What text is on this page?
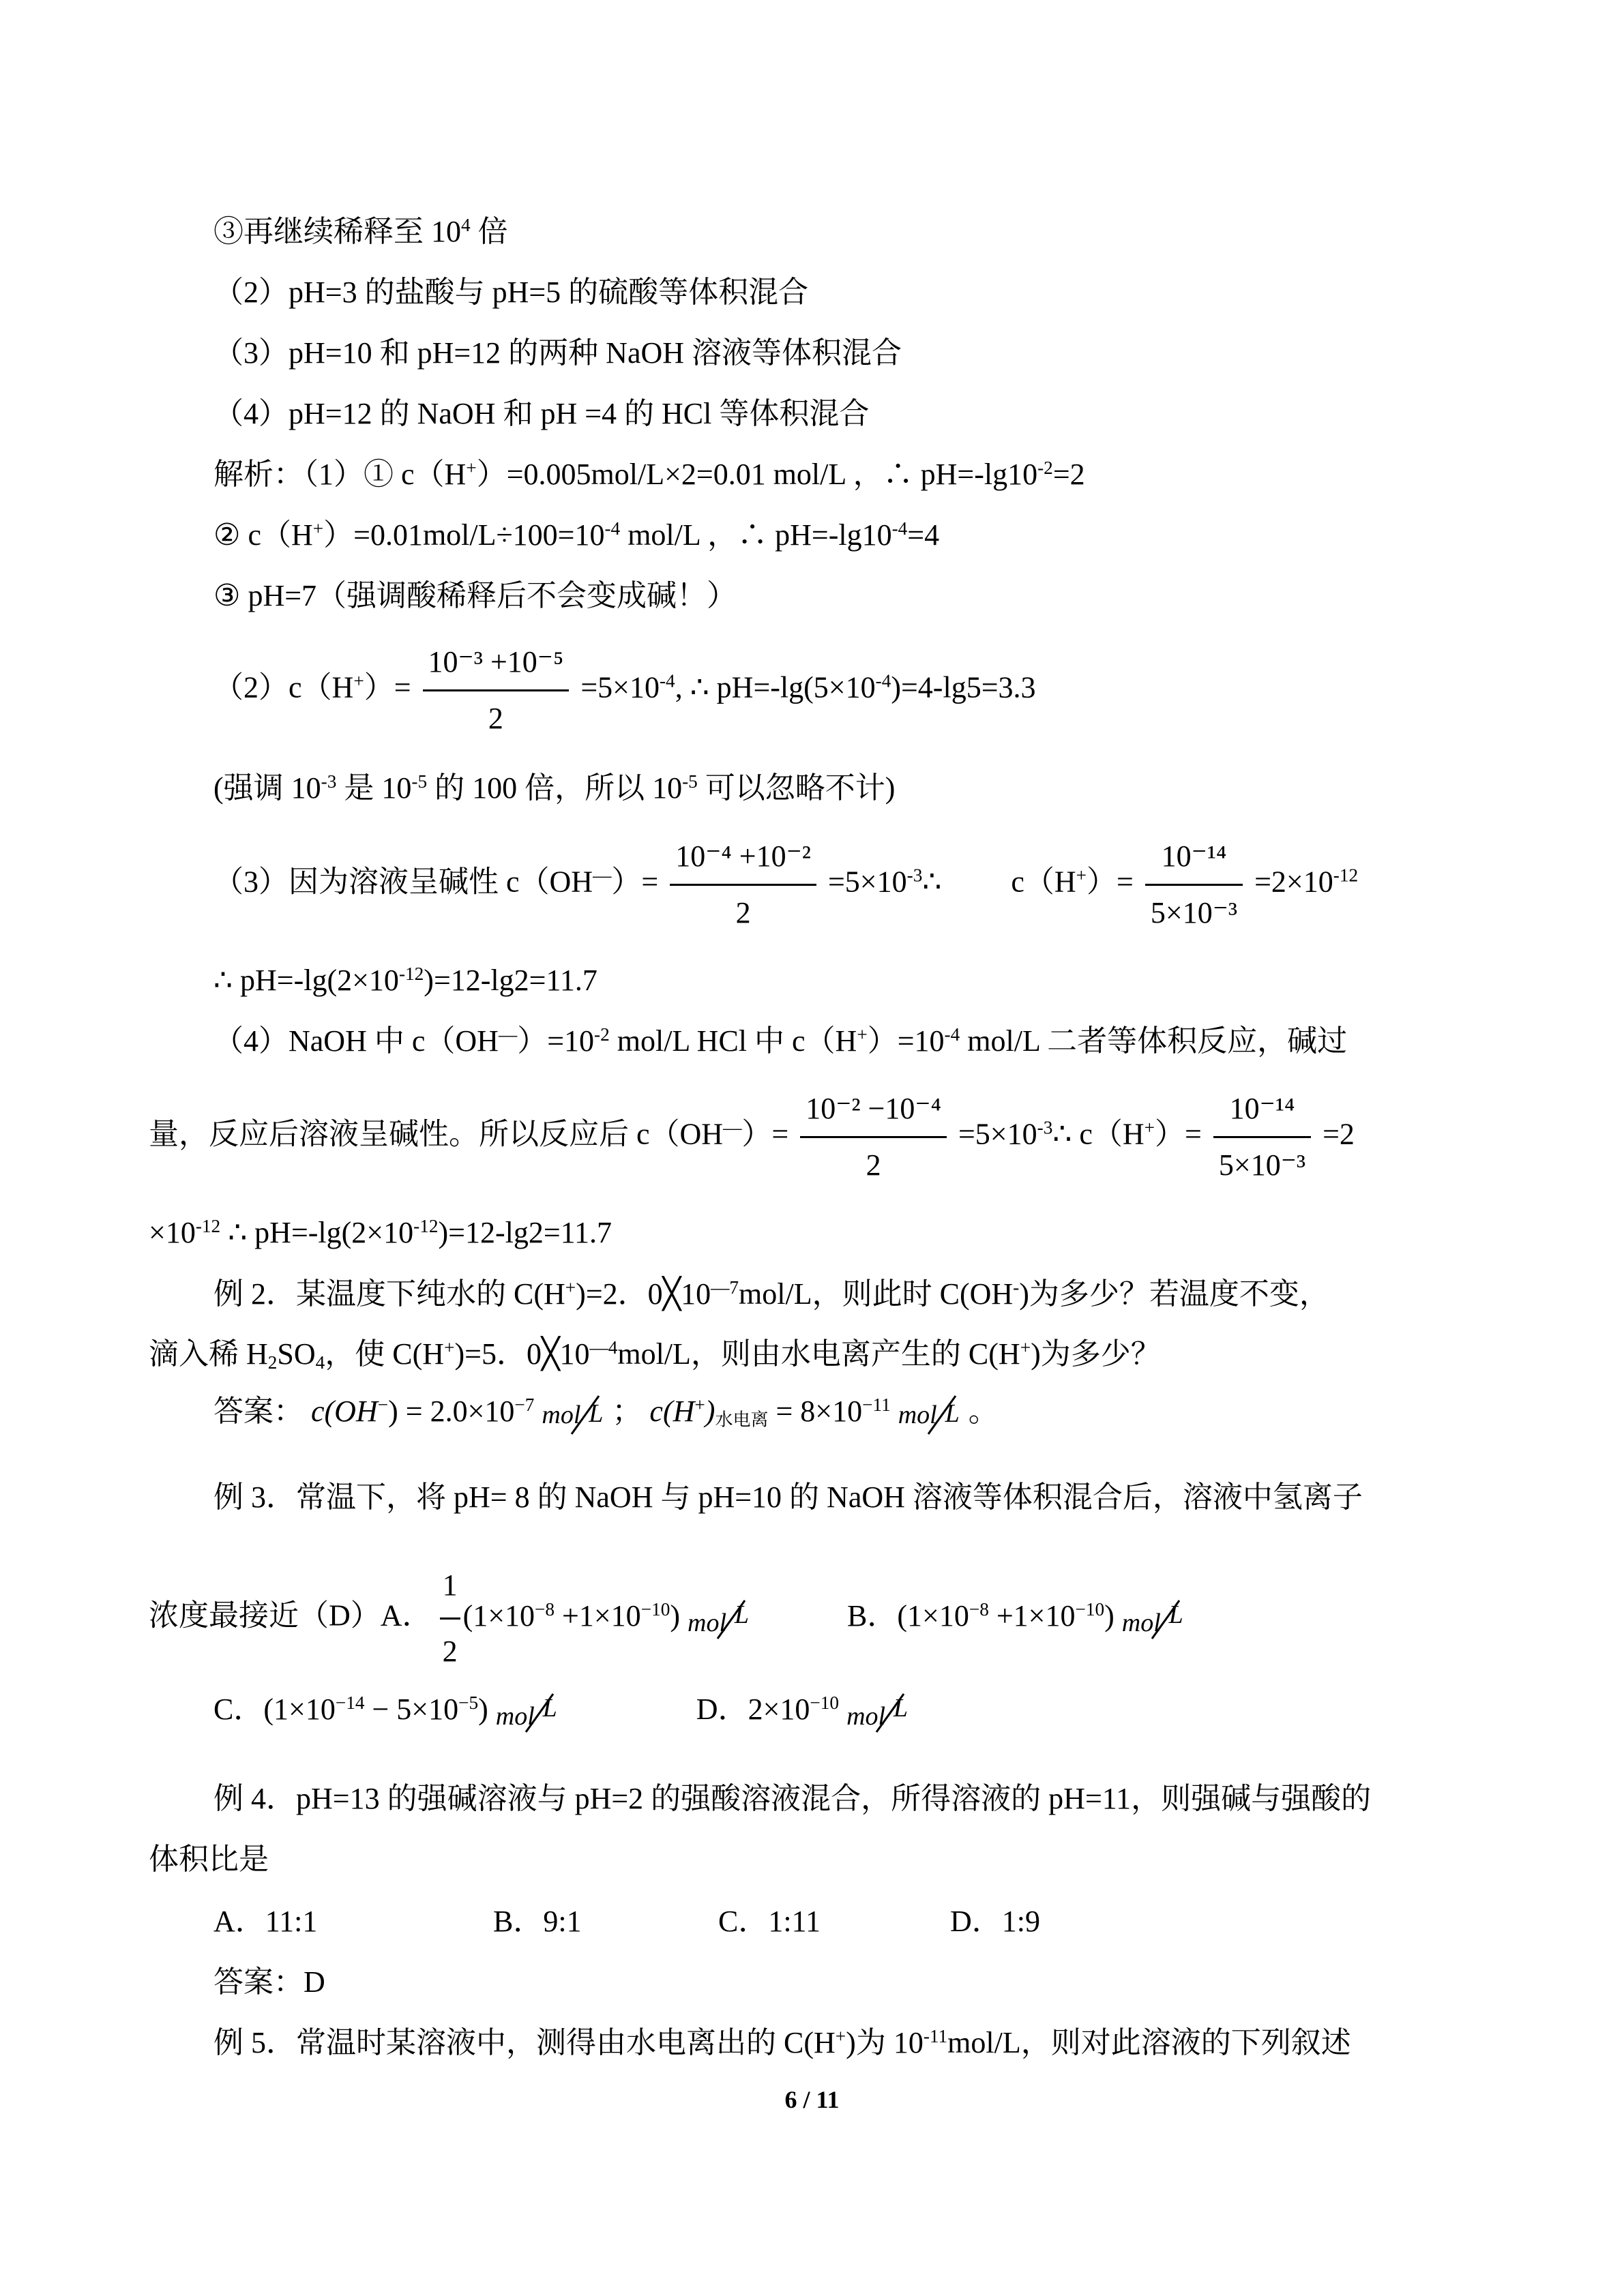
③再继续稀释至 $10^4$ 倍
（2）pH=3 的盐酸与 pH=5 的硫酸等体积混合
（3）pH=10 和 pH=12 的两种 NaOH 溶液等体积混合
（4）pH=12 的 NaOH 和 pH =4 的 HCl 等体积混合
解析：（1）① c（H+）=0.005mol/L×2=0.01 mol/L ，∴ $pH=-\lg 10^{-2}=2$
② $c(H^+)=0.01mol/L\div 100=10^{-4}$ mol/L ，∴ $pH=-\lg 10^{-4}=4$
③ pH=7（强调酸稀释后不会变成碱！）
$(2)c(H^+)= \frac{\text{10⁻³ +10⁻⁵}}{2} =5\times 10^{-4}$, ∴ $pH=-\lg(5\times 10^{-4})=4-\lg 5=3.3$
(强调 $10^{-3}$ 是 $10^{-5}$ 的 100 倍，所以 $10^{-5}$ 可以忽略不计)
（3）因为溶液呈碱性 $c(OH^—)= \frac{\text{10⁻⁴ +10⁻²}}{2}$ $=5\times 10^{-3}\therefore$ $c(H^+)= \frac{\text{10⁻¹⁴}}{\text{5×10⁻³}} =2\times 10^{-12}$
∴ $pH=-\lg(2\times 10^{-12})=12-\lg 2=11.7$
（4）NaOH 中 $c(OH^—)=10^{-2}$ mol/L HCl 中 $c(H^+)=10^{-4}$ mol/L 二者等体积反应，碱过
量，反应后溶液呈碱性。所以反应后 $c(OH^—)= \frac{\text{10⁻² −10⁻⁴}}{2}$ $=5\times 10^{-3}\therefore$ $c(H^+)= \frac{\text{10⁻¹⁴}}{\text{5×10⁻³}} =2$
$\times 10^{-12}$ ∴ $pH=-\lg(2\times 10^{-12})=12-\lg 2=11.7$
例 2．某温度下纯水的 C(H+)=2．$0╳10^{—7}mol/L$，则此时 C(OH-)为多少？若温度不变，
滴入稀 $H_2SO_4$，使 C(H+)=5．$0╳10^{—4}mol/L$，则由水电离产生的 C(H+)为多少？
答案： $c(OH^-) = 2.0\times 10^{-7}$ mol L ； $c(H^+)_{水电离} = 8\times 10^{-11}$ mol L 。
例 3．常温下，将 pH= 8 的 NaOH 与 pH=10 的 NaOH 溶液等体积混合后，溶液中氢离子
浓度最接近（D）A． $\frac{1}{2} (1\times 10^{-8} +1\times 10^{-10})$ mol L	B．$(1\times 10^{-8} +1\times 10^{-10})$ mol L
C．$(1\times 10^{-14} - 5\times 10^{-5})$ mol L	D．$2\times 10^{-10}$ mol L
例 4．pH=13 的强碱溶液与 pH=2 的强酸溶液混合，所得溶液的 pH=11，则强碱与强酸的
体积比是
A．11:1	B．9:1	C．1:11	D．1:9
答案：D
例 5．常温时某溶液中，测得由水电离出的 C(H+)为 $10^{-11}mol/L$，则对此溶液的下列叙述
6 / 11
